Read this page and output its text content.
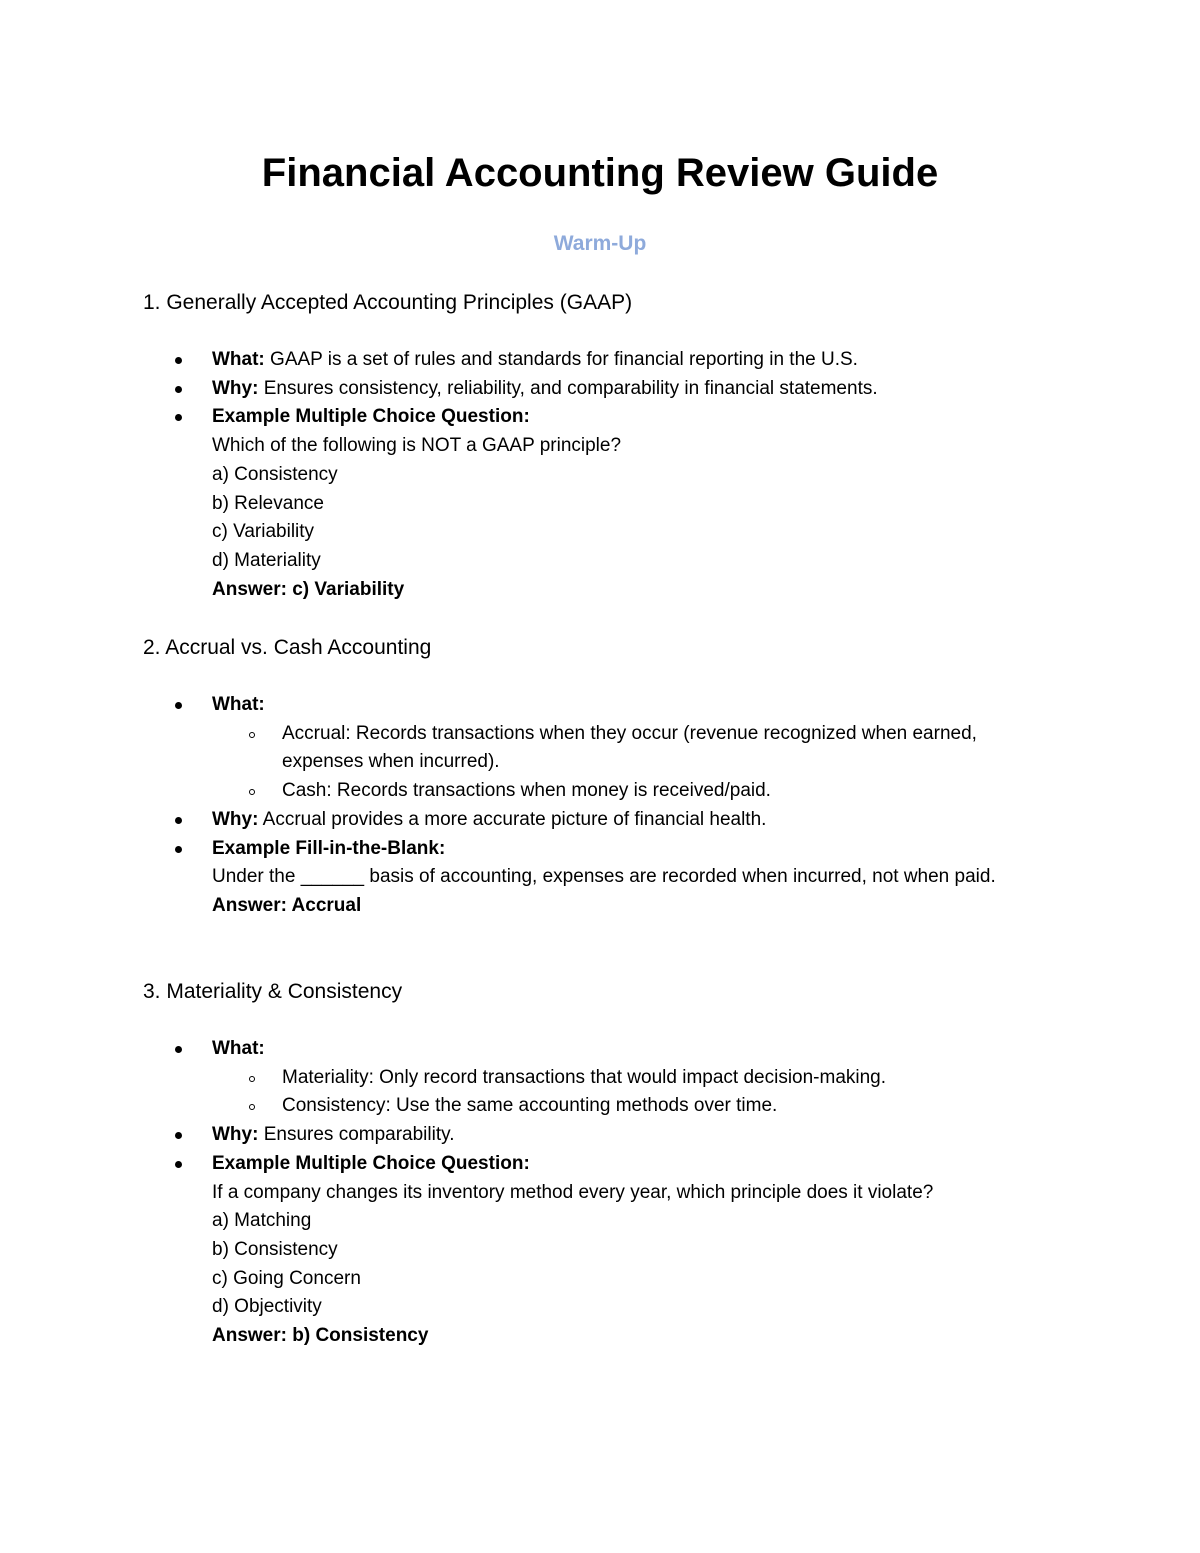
Financial Accounting Review Guide
Warm-Up

1. Generally Accepted Accounting Principles (GAAP)

What: GAAP is a set of rules and standards for financial reporting in the U.S.
Why: Ensures consistency, reliability, and comparability in financial statements.
Example Multiple Choice Question:
Which of the following is NOT a GAAP principle?
a) Consistency
b) Relevance
c) Variability
d) Materiality
Answer: c) Variability

2. Accrual vs. Cash Accounting

What:
Accrual: Records transactions when they occur (revenue recognized when earned, expenses when incurred).
Cash: Records transactions when money is received/paid.
Why: Accrual provides a more accurate picture of financial health.
Example Fill-in-the-Blank:
Under the ______ basis of accounting, expenses are recorded when incurred, not when paid.
Answer: Accrual

3. Materiality & Consistency

What:
Materiality: Only record transactions that would impact decision-making.
Consistency: Use the same accounting methods over time.
Why: Ensures comparability.
Example Multiple Choice Question:
If a company changes its inventory method every year, which principle does it violate?
a) Matching
b) Consistency
c) Going Concern
d) Objectivity
Answer: b) Consistency
